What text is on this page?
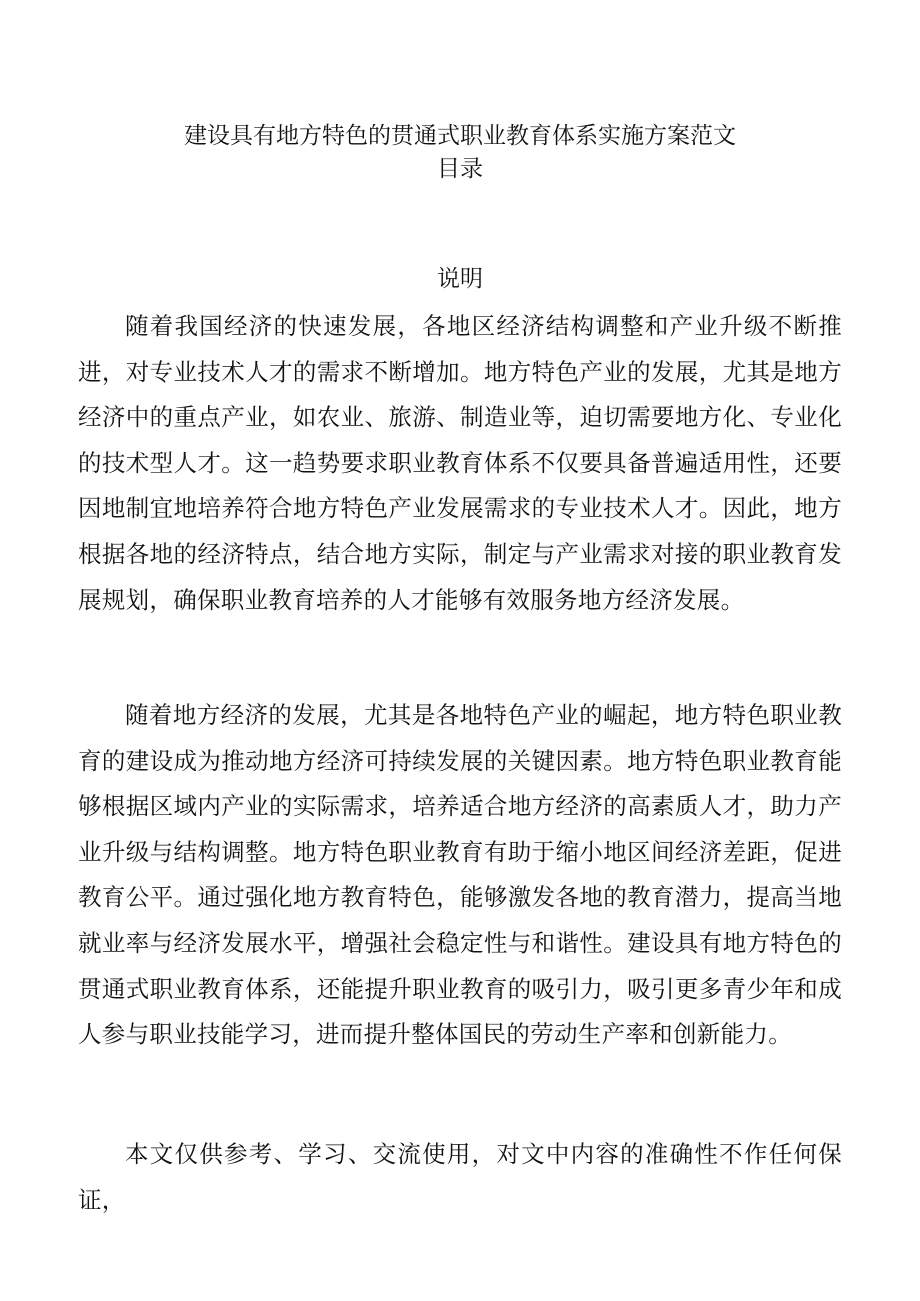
建设具有地方特色的贯通式职业教育体系实施方案范文
目录
说明

随着我国经济的快速发展，各地区经济结构调整和产业升级不断推进，对专业技术人才的需求不断增加。地方特色产业的发展，尤其是地方经济中的重点产业，如农业、旅游、制造业等，迫切需要地方化、专业化的技术型人才。这一趋势要求职业教育体系不仅要具备普遍适用性，还要因地制宜地培养符合地方特色产业发展需求的专业技术人才。因此，地方根据各地的经济特点，结合地方实际，制定与产业需求对接的职业教育发展规划，确保职业教育培养的人才能够有效服务地方经济发展。

随着地方经济的发展，尤其是各地特色产业的崛起，地方特色职业教育的建设成为推动地方经济可持续发展的关键因素。地方特色职业教育能够根据区域内产业的实际需求，培养适合地方经济的高素质人才，助力产业升级与结构调整。地方特色职业教育有助于缩小地区间经济差距，促进教育公平。通过强化地方教育特色，能够激发各地的教育潜力，提高当地就业率与经济发展水平，增强社会稳定性与和谐性。建设具有地方特色的贯通式职业教育体系，还能提升职业教育的吸引力，吸引更多青少年和成人参与职业技能学习，进而提升整体国民的劳动生产率和创新能力。

本文仅供参考、学习、交流使用，对文中内容的准确性不作任何保证，
